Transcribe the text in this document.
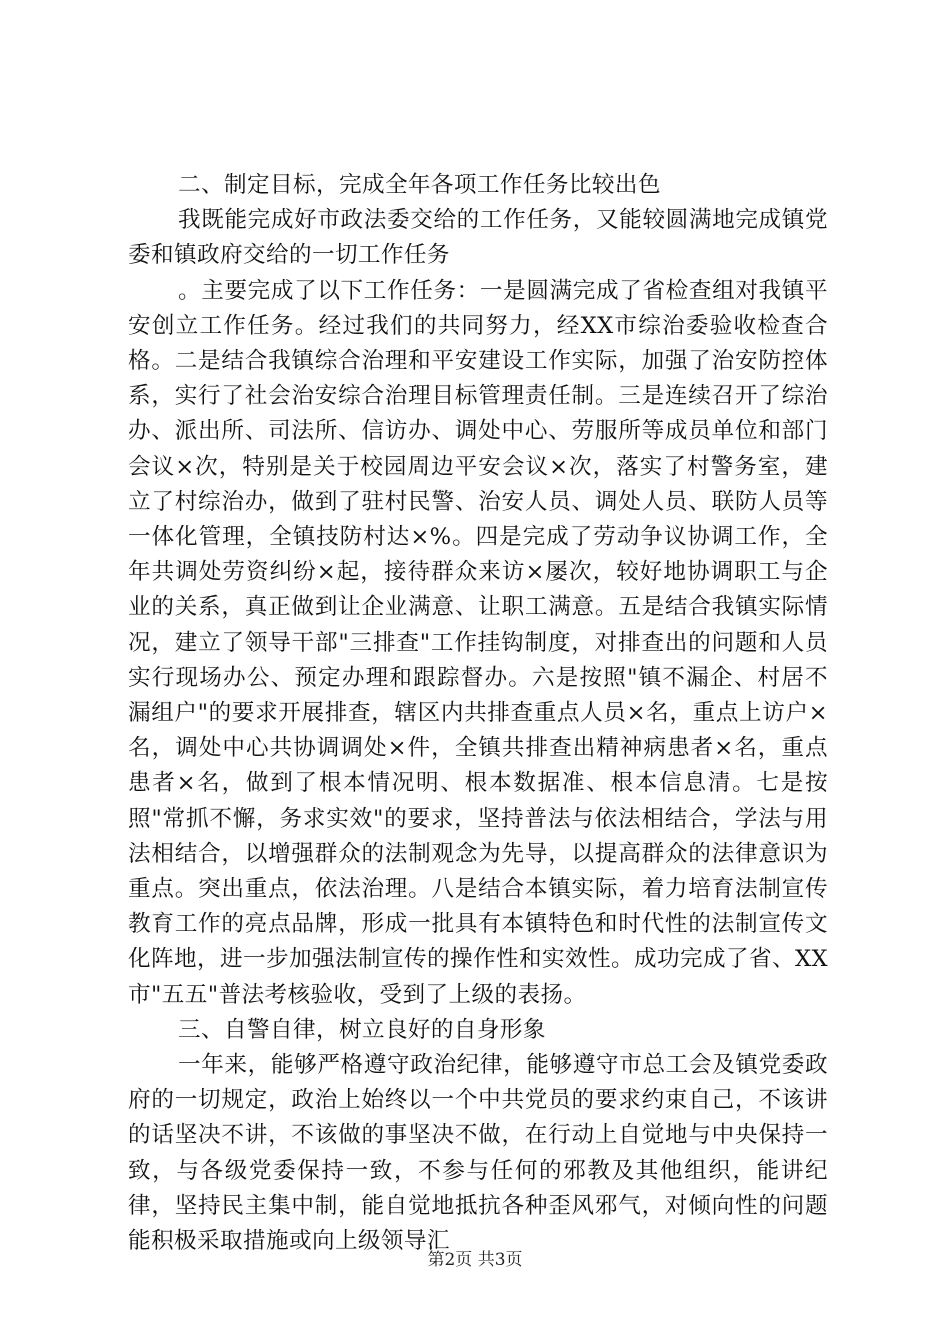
二、制定目标，完成全年各项工作任务比较出色

我既能完成好市政法委交给的工作任务，又能较圆满地完成镇党委和镇政府交给的一切工作任务

。主要完成了以下工作任务：一是圆满完成了省检查组对我镇平安创立工作任务。经过我们的共同努力，经XX市综治委验收检查合格。二是结合我镇综合治理和平安建设工作实际，加强了治安防控体系，实行了社会治安综合治理目标管理责任制。三是连续召开了综治办、派出所、司法所、信访办、调处中心、劳服所等成员单位和部门会议×次，特别是关于校园周边平安会议×次，落实了村警务室，建立了村综治办，做到了驻村民警、治安人员、调处人员、联防人员等一体化管理，全镇技防村达×%。四是完成了劳动争议协调工作，全年共调处劳资纠纷×起，接待群众来访×屡次，较好地协调职工与企业的关系，真正做到让企业满意、让职工满意。五是结合我镇实际情况，建立了领导干部"三排查"工作挂钩制度，对排查出的问题和人员实行现场办公、预定办理和跟踪督办。六是按照"镇不漏企、村居不漏组户"的要求开展排查，辖区内共排查重点人员×名，重点上访户×名，调处中心共协调调处×件，全镇共排查出精神病患者×名，重点患者×名，做到了根本情况明、根本数据准、根本信息清。七是按照"常抓不懈，务求实效"的要求，坚持普法与依法相结合，学法与用法相结合，以增强群众的法制观念为先导，以提高群众的法律意识为重点。突出重点，依法治理。八是结合本镇实际，着力培育法制宣传教育工作的亮点品牌，形成一批具有本镇特色和时代性的法制宣传文化阵地，进一步加强法制宣传的操作性和实效性。成功完成了省、XX市"五五"普法考核验收，受到了上级的表扬。

三、自警自律，树立良好的自身形象

一年来，能够严格遵守政治纪律，能够遵守市总工会及镇党委政府的一切规定，政治上始终以一个中共党员的要求约束自己，不该讲的话坚决不讲，不该做的事坚决不做，在行动上自觉地与中央保持一致，与各级党委保持一致，不参与任何的邪教及其他组织，能讲纪律，坚持民主集中制，能自觉地抵抗各种歪风邪气，对倾向性的问题能积极采取措施或向上级领导汇

第2页 共3页
